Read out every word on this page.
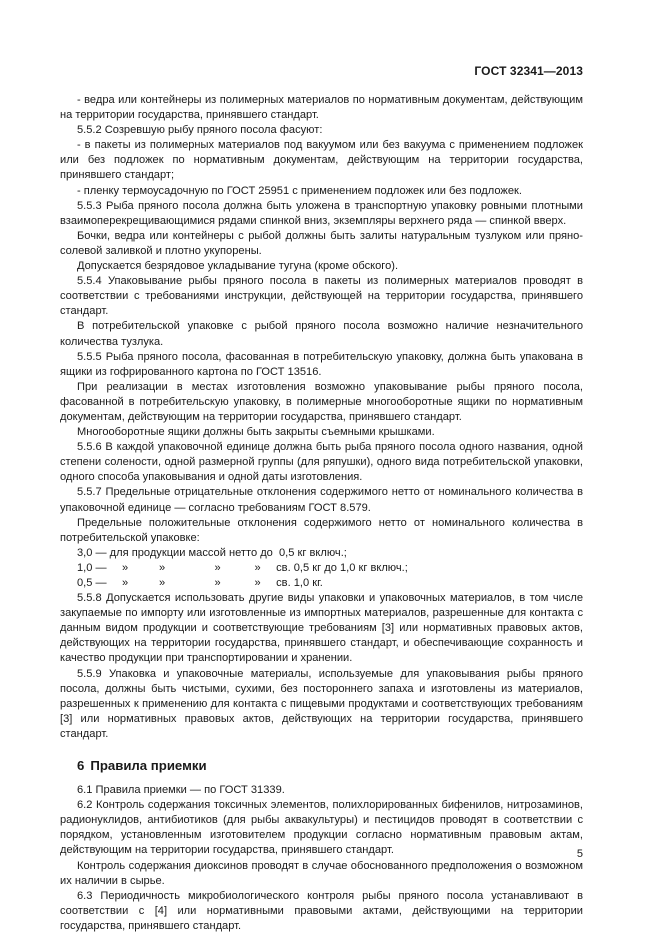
ГОСТ 32341—2013

- ведра или контейнеры из полимерных материалов по нормативным документам, действующим на территории государства, принявшего стандарт.

5.5.2 Созревшую рыбу пряного посола фасуют:

- в пакеты из полимерных материалов под вакуумом или без вакуума с применением подложек или без подложек по нормативным документам, действующим на территории государства, принявшего стандарт;

- пленку термоусадочную по ГОСТ 25951 с применением подложек или без подложек.

5.5.3 Рыба пряного посола должна быть уложена в транспортную упаковку ровными плотными взаимоперекрещивающимися рядами спинкой вниз, экземпляры верхнего ряда — спинкой вверх.

Бочки, ведра или контейнеры с рыбой должны быть залиты натуральным тузлуком или пряно-солевой заливкой и плотно укупорены.

Допускается безрядовое укладывание тугуна (кроме обского).

5.5.4 Упаковывание рыбы пряного посола в пакеты из полимерных материалов проводят в соответствии с требованиями инструкции, действующей на территории государства, принявшего стандарт.

В потребительской упаковке с рыбой пряного посола возможно наличие незначительного количества тузлука.

5.5.5 Рыба пряного посола, фасованная в потребительскую упаковку, должна быть упакована в ящики из гофрированного картона по ГОСТ 13516.

При реализации в местах изготовления возможно упаковывание рыбы пряного посола, фасованной в потребительскую упаковку, в полимерные многооборотные ящики по нормативным документам, действующим на территории государства, принявшего стандарт.

Многооборотные ящики должны быть закрыты съемными крышками.

5.5.6 В каждой упаковочной единице должна быть рыба пряного посола одного названия, одной степени солености, одной размерной группы (для ряпушки), одного вида потребительской упаковки, одного способа упаковывания и одной даты изготовления.

5.5.7 Предельные отрицательные отклонения содержимого нетто от номинального количества в упаковочной единице — согласно требованиям ГОСТ 8.579.

Предельные положительные отклонения содержимого нетто от номинального количества в потребительской упаковке:

3,0 — для продукции массой нетто до  0,5 кг включ.;

1,0 —     »          »                »           »     св. 0,5 кг до 1,0 кг включ.;

0,5 —     »          »                »           »     св. 1,0 кг.

5.5.8 Допускается использовать другие виды упаковки и упаковочных материалов, в том числе закупаемые по импорту или изготовленные из импортных материалов, разрешенные для контакта с данным видом продукции и соответствующие требованиям [3] или нормативных правовых актов, действующих на территории государства, принявшего стандарт, и обеспечивающие сохранность и качество продукции при транспортировании и хранении.

5.5.9 Упаковка и упаковочные материалы, используемые для упаковывания рыбы пряного посола, должны быть чистыми, сухими, без постороннего запаха и изготовлены из материалов, разрешенных к применению для контакта с пищевыми продуктами и соответствующих требованиям [3] или нормативных правовых актов, действующих на территории государства, принявшего стандарт.

6 Правила приемки

6.1 Правила приемки — по ГОСТ 31339.

6.2 Контроль содержания токсичных элементов, полихлорированных бифенилов, нитрозаминов, радионуклидов, антибиотиков (для рыбы аквакультуры) и пестицидов проводят в соответствии с порядком, установленным изготовителем продукции согласно нормативным правовым актам, действующим на территории государства, принявшего стандарт.

Контроль содержания диоксинов проводят в случае обоснованного предположения о возможном их наличии в сырье.

6.3 Периодичность микробиологического контроля рыбы пряного посола устанавливают в соответствии с [4] или нормативными правовыми актами, действующими на территории государства, принявшего стандарт.

5
